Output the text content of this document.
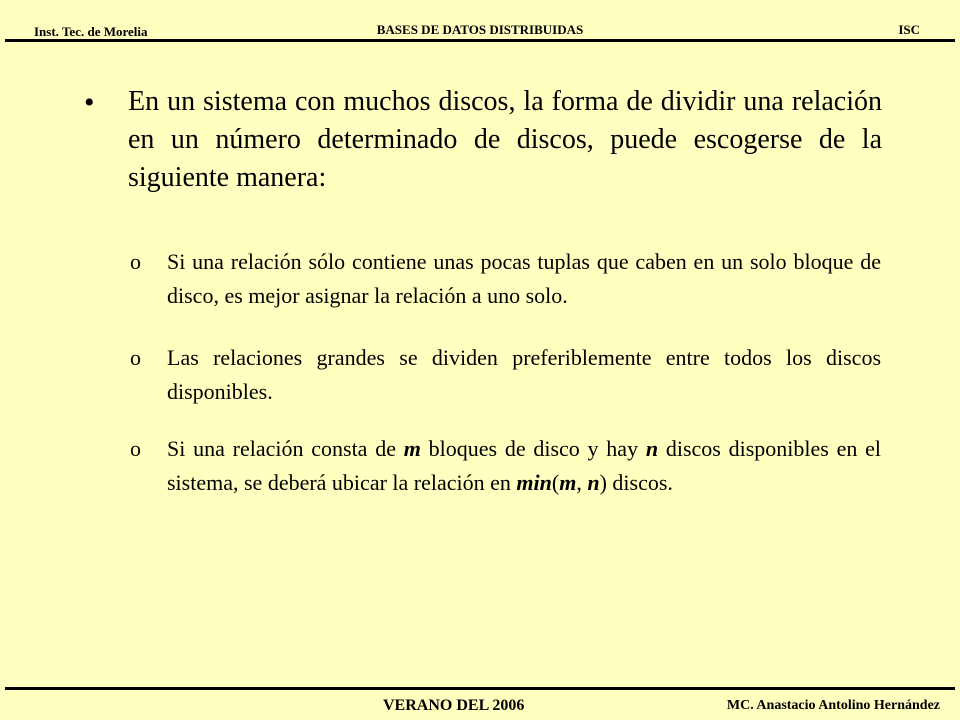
Inst. Tec. de Morelia	BASES DE DATOS DISTRIBUIDAS	ISC
• En un sistema con muchos discos, la forma de dividir una relación en un número determinado de discos, puede escogerse de la siguiente manera:
o Si una relación sólo contiene unas pocas tuplas que caben en un solo bloque de disco, es mejor asignar la relación a uno solo.
o Las relaciones grandes se dividen preferiblemente entre todos los discos disponibles.
o Si una relación consta de m bloques de disco y hay n discos disponibles en el sistema, se deberá ubicar la relación en min(m, n) discos.
VERANO DEL 2006	MC. Anastacio Antolino Hernández
